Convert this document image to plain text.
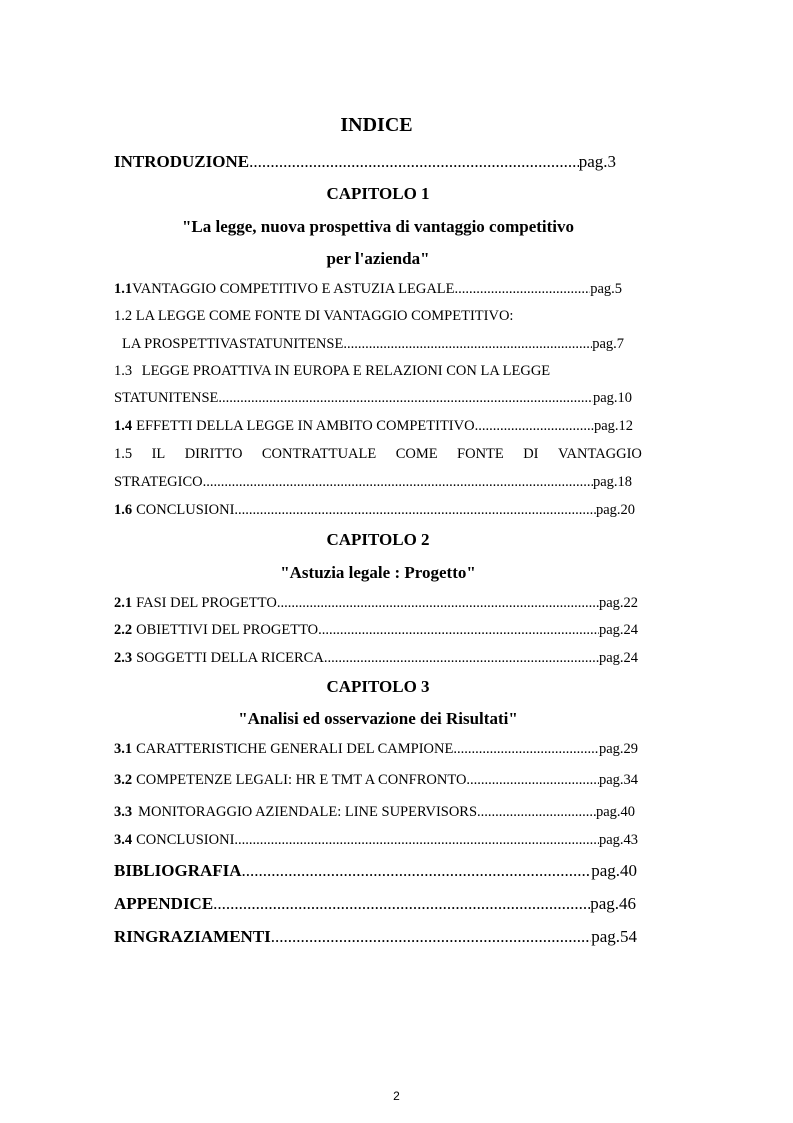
INDICE
INTRODUZIONE .....	pag.3
CAPITOLO 1
"La legge, nuova prospettiva di vantaggio competitivo
per l'azienda"
1.1 VANTAGGIO COMPETITIVO E ASTUZIA LEGALE .....	pag.5
1.2 LA LEGGE COME FONTE DI VANTAGGIO COMPETITIVO:
LA PROSPETTIVASTATUNITENSE .....	pag.7
1.3 LEGGE PROATTIVA IN EUROPA E RELAZIONI CON LA LEGGE
STATUNITENSE .....	pag.10
1.4 EFFETTI DELLA LEGGE IN AMBITO COMPETITIVO .....	pag.12
1.5 IL DIRITTO CONTRATTUALE COME FONTE DI VANTAGGIO
STRATEGICO .....	pag.18
1.6 CONCLUSIONI .....	pag.20
CAPITOLO 2
"Astuzia legale : Progetto"
2.1 FASI DEL PROGETTO .....	pag.22
2.2 OBIETTIVI DEL PROGETTO .....	pag.24
2.3 SOGGETTI DELLA RICERCA .....	pag.24
CAPITOLO 3
"Analisi ed osservazione dei Risultati"
3.1 CARATTERISTICHE GENERALI DEL CAMPIONE .....	pag.29
3.2 COMPETENZE LEGALI: HR E TMT A CONFRONTO .....	pag.34
3.3 MONITORAGGIO AZIENDALE: LINE SUPERVISORS .....	pag.40
3.4 CONCLUSIONI .....	pag.43
BIBLIOGRAFIA .....	pag.40
APPENDICE .....	pag.46
RINGRAZIAMENTI .....	pag.54
2
